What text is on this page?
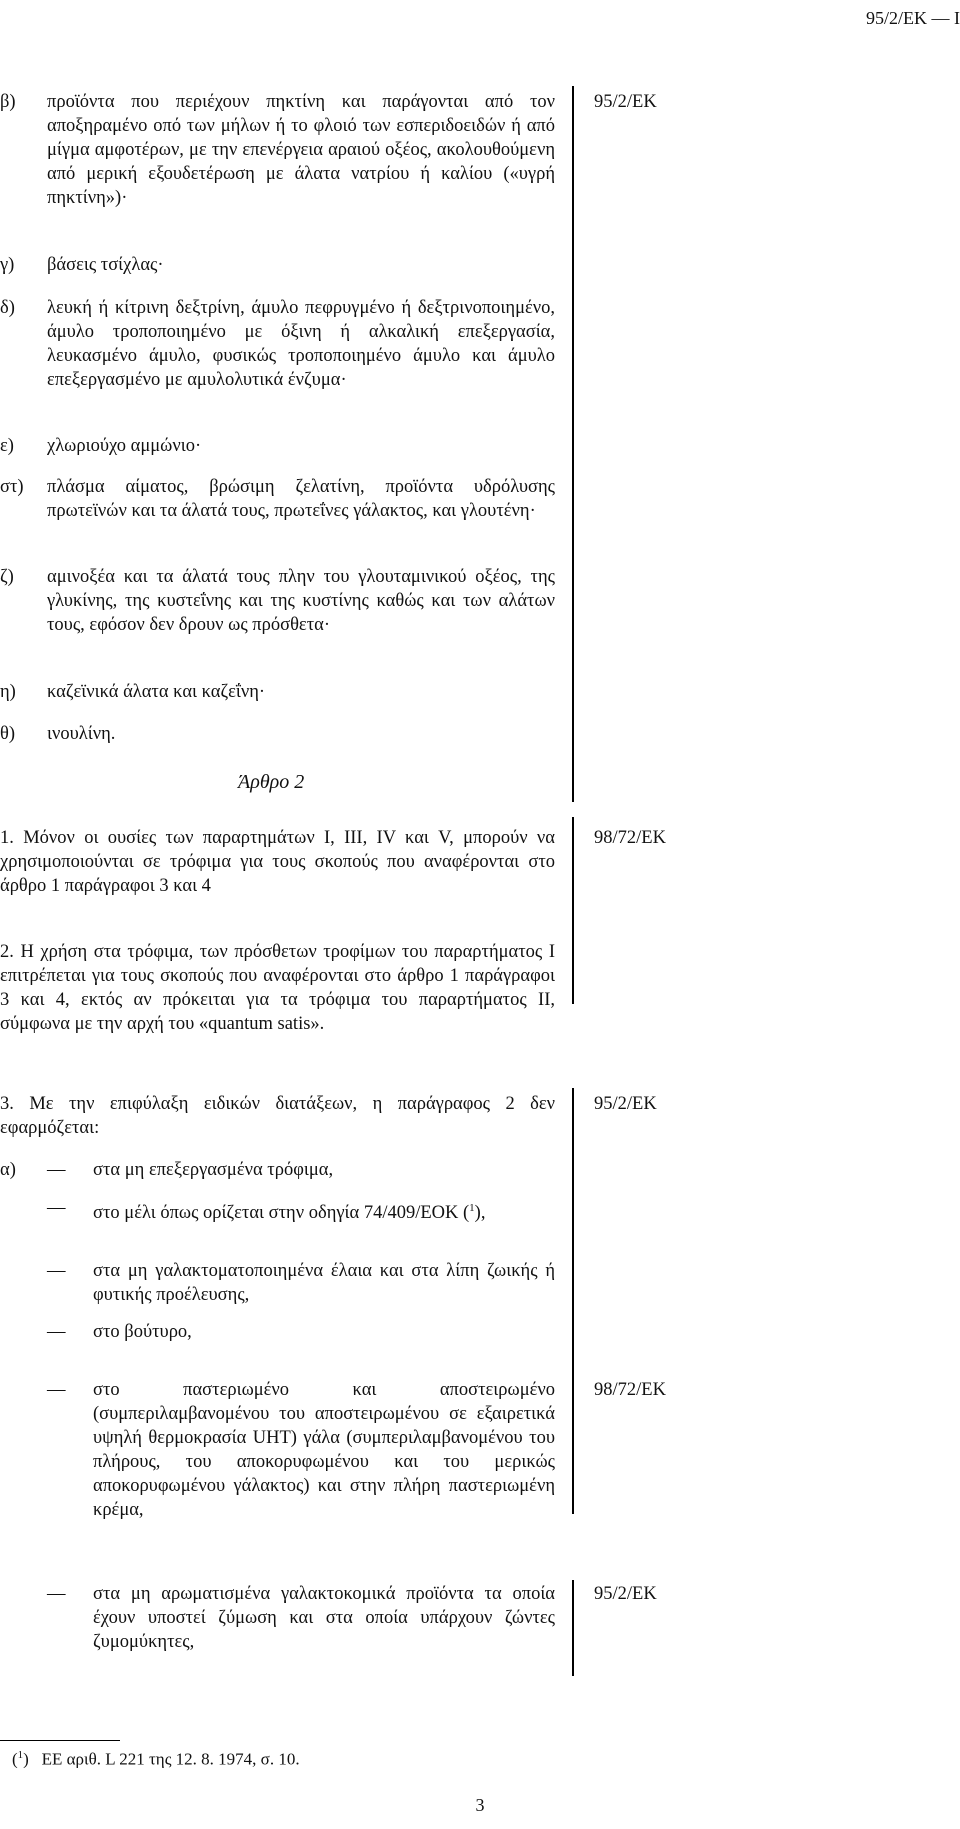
95/2/ΕΚ — Ι
95/2/ΕΚ
98/72/ΕΚ
95/2/ΕΚ
98/72/ΕΚ
95/2/ΕΚ
β) προϊόντα που περιέχουν πηκτίνη και παράγονται από τον αποξηραμένο οπό των μήλων ή το φλοιό των εσπεριδοειδών ή από μίγμα αμφοτέρων, με την επενέργεια αραιού οξέος, ακολουθούμενη από μερική εξουδετέρωση με άλατα νατρίου ή καλίου («υγρή πηκτίνη»)·
γ) βάσεις τσίχλας·
δ) λευκή ή κίτρινη δεξτρίνη, άμυλο πεφρυγμένο ή δεξτρινοποιημένο, άμυλο τροποποιημένο με όξινη ή αλκαλική επεξεργασία, λευκασμένο άμυλο, φυσικώς τροποποιημένο άμυλο και άμυλο επεξεργασμένο με αμυλολυτικά ένζυμα·
ε) χλωριούχο αμμώνιο·
στ) πλάσμα αίματος, βρώσιμη ζελατίνη, προϊόντα υδρόλυσης πρωτεϊνών και τα άλατά τους, πρωτεΐνες γάλακτος, και γλουτένη·
ζ) αμινοξέα και τα άλατά τους πλην του γλουταμινικού οξέος, της γλυκίνης, της κυστεΐνης και της κυστίνης καθώς και των αλάτων τους, εφόσον δεν δρουν ως πρόσθετα·
η) καζεϊνικά άλατα και καζεΐνη·
θ) ινουλίνη.
Άρθρο 2
1. Μόνον οι ουσίες των παραρτημάτων I, III, IV και V, μπορούν να χρησιμοποιούνται σε τρόφιμα για τους σκοπούς που αναφέρονται στο άρθρο 1 παράγραφοι 3 και 4
2. Η χρήση στα τρόφιμα, των πρόσθετων τροφίμων του παραρτήματος I επιτρέπεται για τους σκοπούς που αναφέρονται στο άρθρο 1 παράγραφοι 3 και 4, εκτός αν πρόκειται για τα τρόφιμα του παραρτήματος II, σύμφωνα με την αρχή του «quantum satis».
3. Με την επιφύλαξη ειδικών διατάξεων, η παράγραφος 2 δεν εφαρμόζεται:
α) — στα μη επεξεργασμένα τρόφιμα,
— στο μέλι όπως ορίζεται στην οδηγία 74/409/ΕΟΚ ($^1$),
— στα μη γαλακτοματοποιημένα έλαια και στα λίπη ζωικής ή φυτικής προέλευσης,
— στο βούτυρο,
— στο παστεριωμένο και αποστειρωμένο (συμπεριλαμβανομένου του αποστειρωμένου σε εξαιρετικά υψηλή θερμοκρασία UHT) γάλα (συμπεριλαμβανομένου του πλήρους, του αποκορυφωμένου και του μερικώς αποκορυφωμένου γάλακτος) και στην πλήρη παστεριωμένη κρέμα,
— στα μη αρωματισμένα γαλακτοκομικά προϊόντα τα οποία έχουν υποστεί ζύμωση και στα οποία υπάρχουν ζώντες ζυμομύκητες,
($^1$) ΕΕ αριθ. L 221 της 12. 8. 1974, σ. 10.
3
